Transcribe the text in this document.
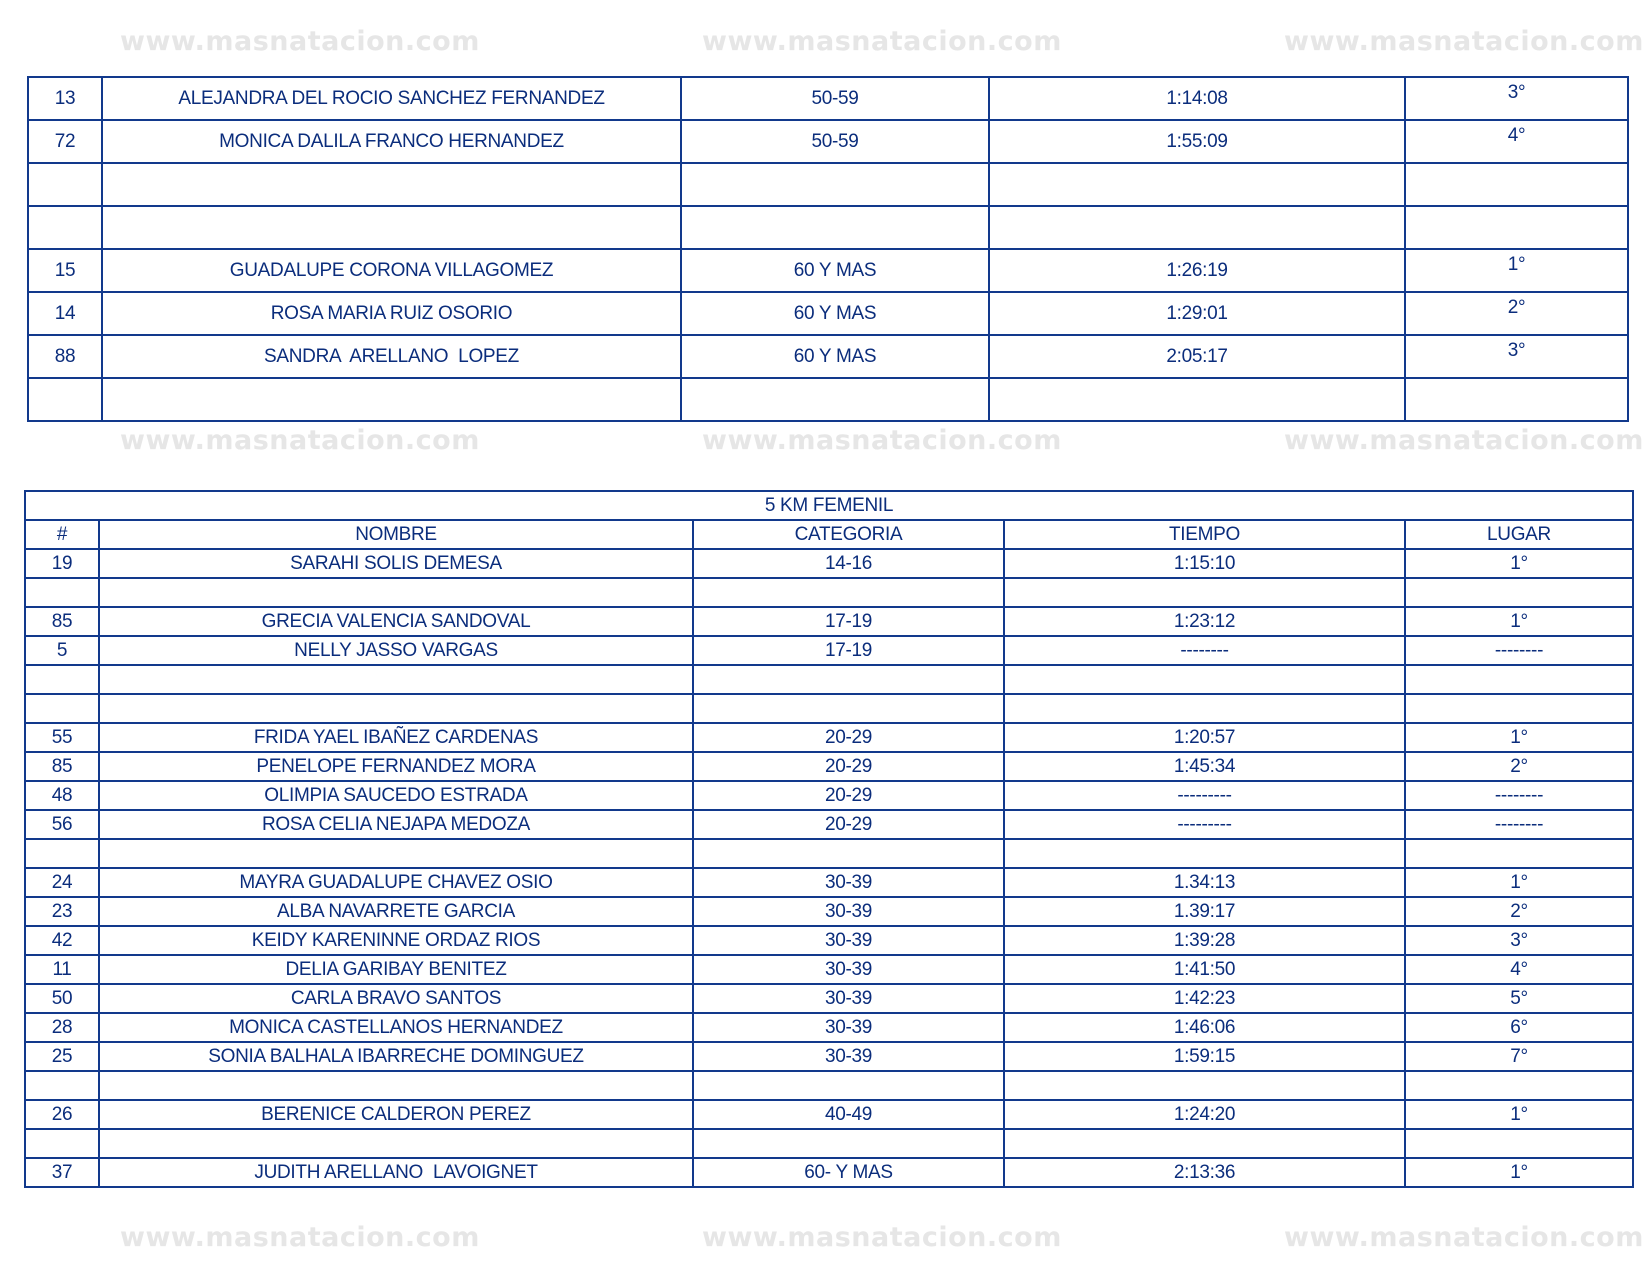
13	ALEJANDRA DEL ROCIO SANCHEZ FERNANDEZ	50-59	1:14:08	3°
72	MONICA DALILA FRANCO HERNANDEZ	50-59	1:55:09	4°

15	GUADALUPE CORONA VILLAGOMEZ	60 Y MAS	1:26:19	1°
14	ROSA MARIA RUIZ OSORIO	60 Y MAS	1:29:01	2°
88	SANDRA  ARELLANO  LOPEZ	60 Y MAS	2:05:17	3°

5 KM FEMENIL				
#	NOMBRE	CATEGORIA	TIEMPO	LUGAR
19	SARAHI SOLIS DEMESA	14-16	1:15:10	1°

85	GRECIA VALENCIA SANDOVAL	17-19	1:23:12	1°
5	NELLY JASSO VARGAS	17-19	--------	--------

55	FRIDA YAEL IBAÑEZ CARDENAS	20-29	1:20:57	1°
85	PENELOPE FERNANDEZ MORA	20-29	1:45:34	2°
48	OLIMPIA SAUCEDO ESTRADA	20-29	---------	--------
56	ROSA CELIA NEJAPA MEDOZA	20-29	---------	--------

24	MAYRA GUADALUPE CHAVEZ OSIO	30-39	1.34:13	1°
23	ALBA NAVARRETE GARCIA	30-39	1.39:17	2°
42	KEIDY KARENINNE ORDAZ RIOS	30-39	1:39:28	3°
11	DELIA GARIBAY BENITEZ	30-39	1:41:50	4°
50	CARLA BRAVO SANTOS	30-39	1:42:23	5°
28	MONICA CASTELLANOS HERNANDEZ	30-39	1:46:06	6°
25	SONIA BALHALA IBARRECHE DOMINGUEZ	30-39	1:59:15	7°

26	BERENICE CALDERON PEREZ	40-49	1:24:20	1°

37	JUDITH ARELLANO  LAVOIGNET	60- Y MAS	2:13:36	1°
www.masnatacion.com	www.masnatacion.com	www.masnatacion.com
www.masnatacion.com	www.masnatacion.com	www.masnatacion.com
www.masnatacion.com	www.masnatacion.com	www.masnatacion.com
